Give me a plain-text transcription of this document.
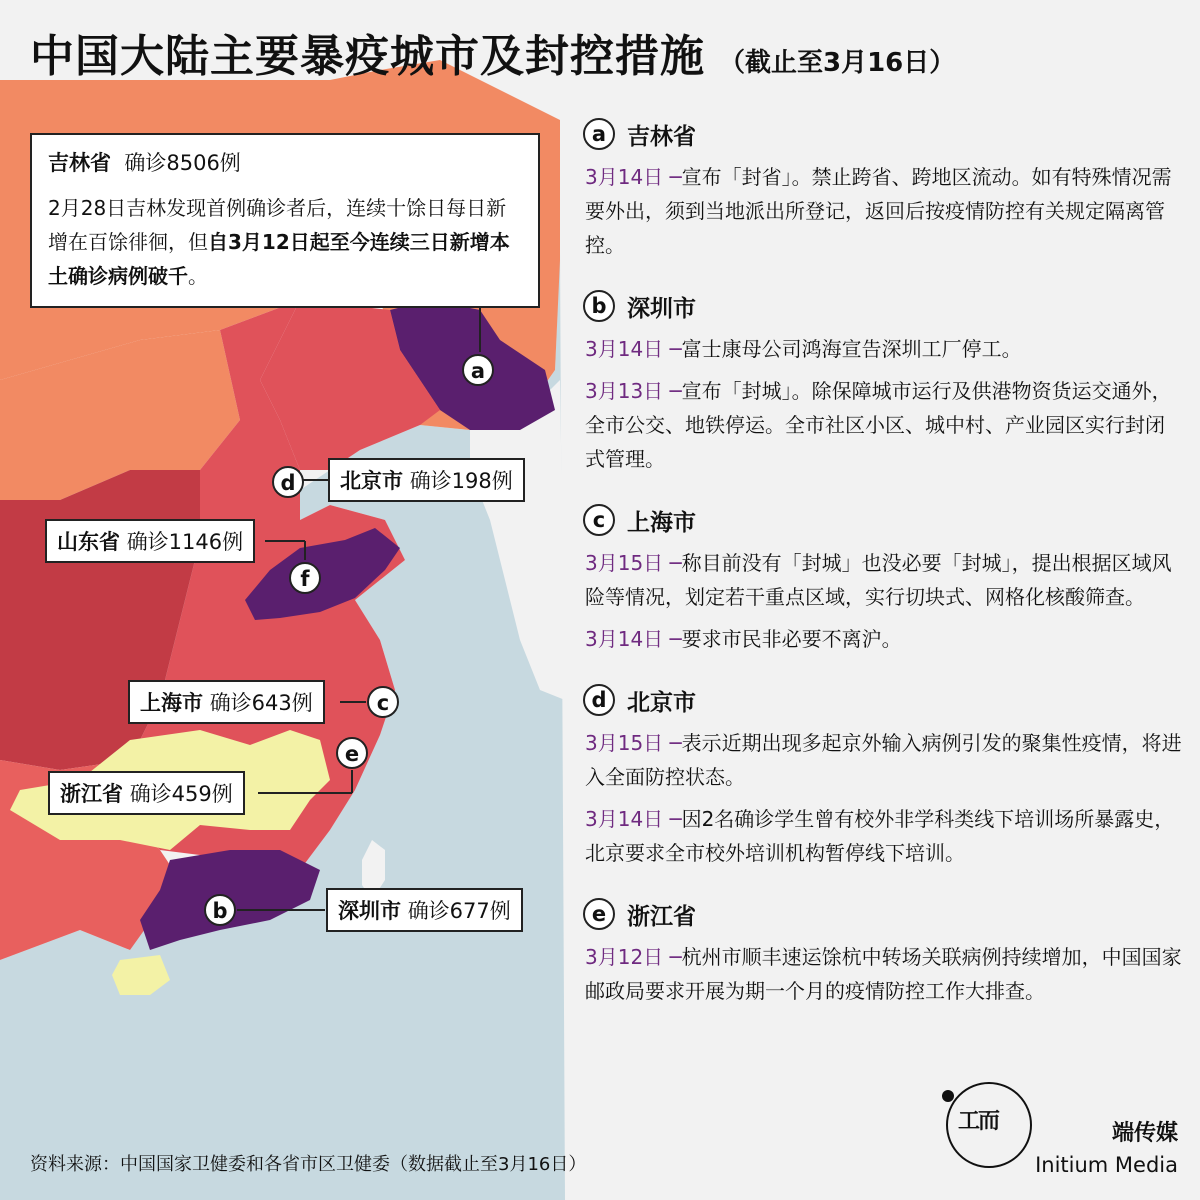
中国大陆主要暴疫城市及封控措施 （截止至3月16日）
吉林省 确诊8506例
2月28日吉林发现首例确诊者后，连续十馀日每日新增在百馀徘徊，但自3月12日起至今连续三日新增本土确诊病例破千。
北京市 确诊198例
山东省 确诊1146例
上海市 确诊643例
浙江省 确诊459例
深圳市 确诊677例
a
b
c
d
e
f
a 吉林省

3月14日 ─宣布「封省」。禁止跨省、跨地区流动。如有特殊情况需要外出，须到当地派出所登记，返回后按疫情防控有关规定隔离管控。

b 深圳市

3月14日 ─富士康母公司鸿海宣告深圳工厂停工。

3月13日 ─宣布「封城」。除保障城市运行及供港物资货运交通外，全市公交、地铁停运。全市社区小区、城中村、产业园区实行封闭式管理。

c 上海市

3月15日 ─称目前没有「封城」也没必要「封城」，提出根据区域风险等情况，划定若干重点区域，实行切块式、网格化核酸筛查。

3月14日 ─要求市民非必要不离沪。

d 北京市

3月15日 ─表示近期出现多起京外输入病例引发的聚集性疫情，将进入全面防控状态。

3月14日 ─因2名确诊学生曾有校外非学科类线下培训场所暴露史，北京要求全市校外培训机构暂停线下培训。

e 浙江省

3月12日 ─杭州市顺丰速运馀杭中转场关联病例持续增加，中国国家邮政局要求开展为期一个月的疫情防控工作大排查。

资料来源：中国国家卫健委和各省市区卫健委（数据截止至3月16日）
工而	端传媒
Initium Media
